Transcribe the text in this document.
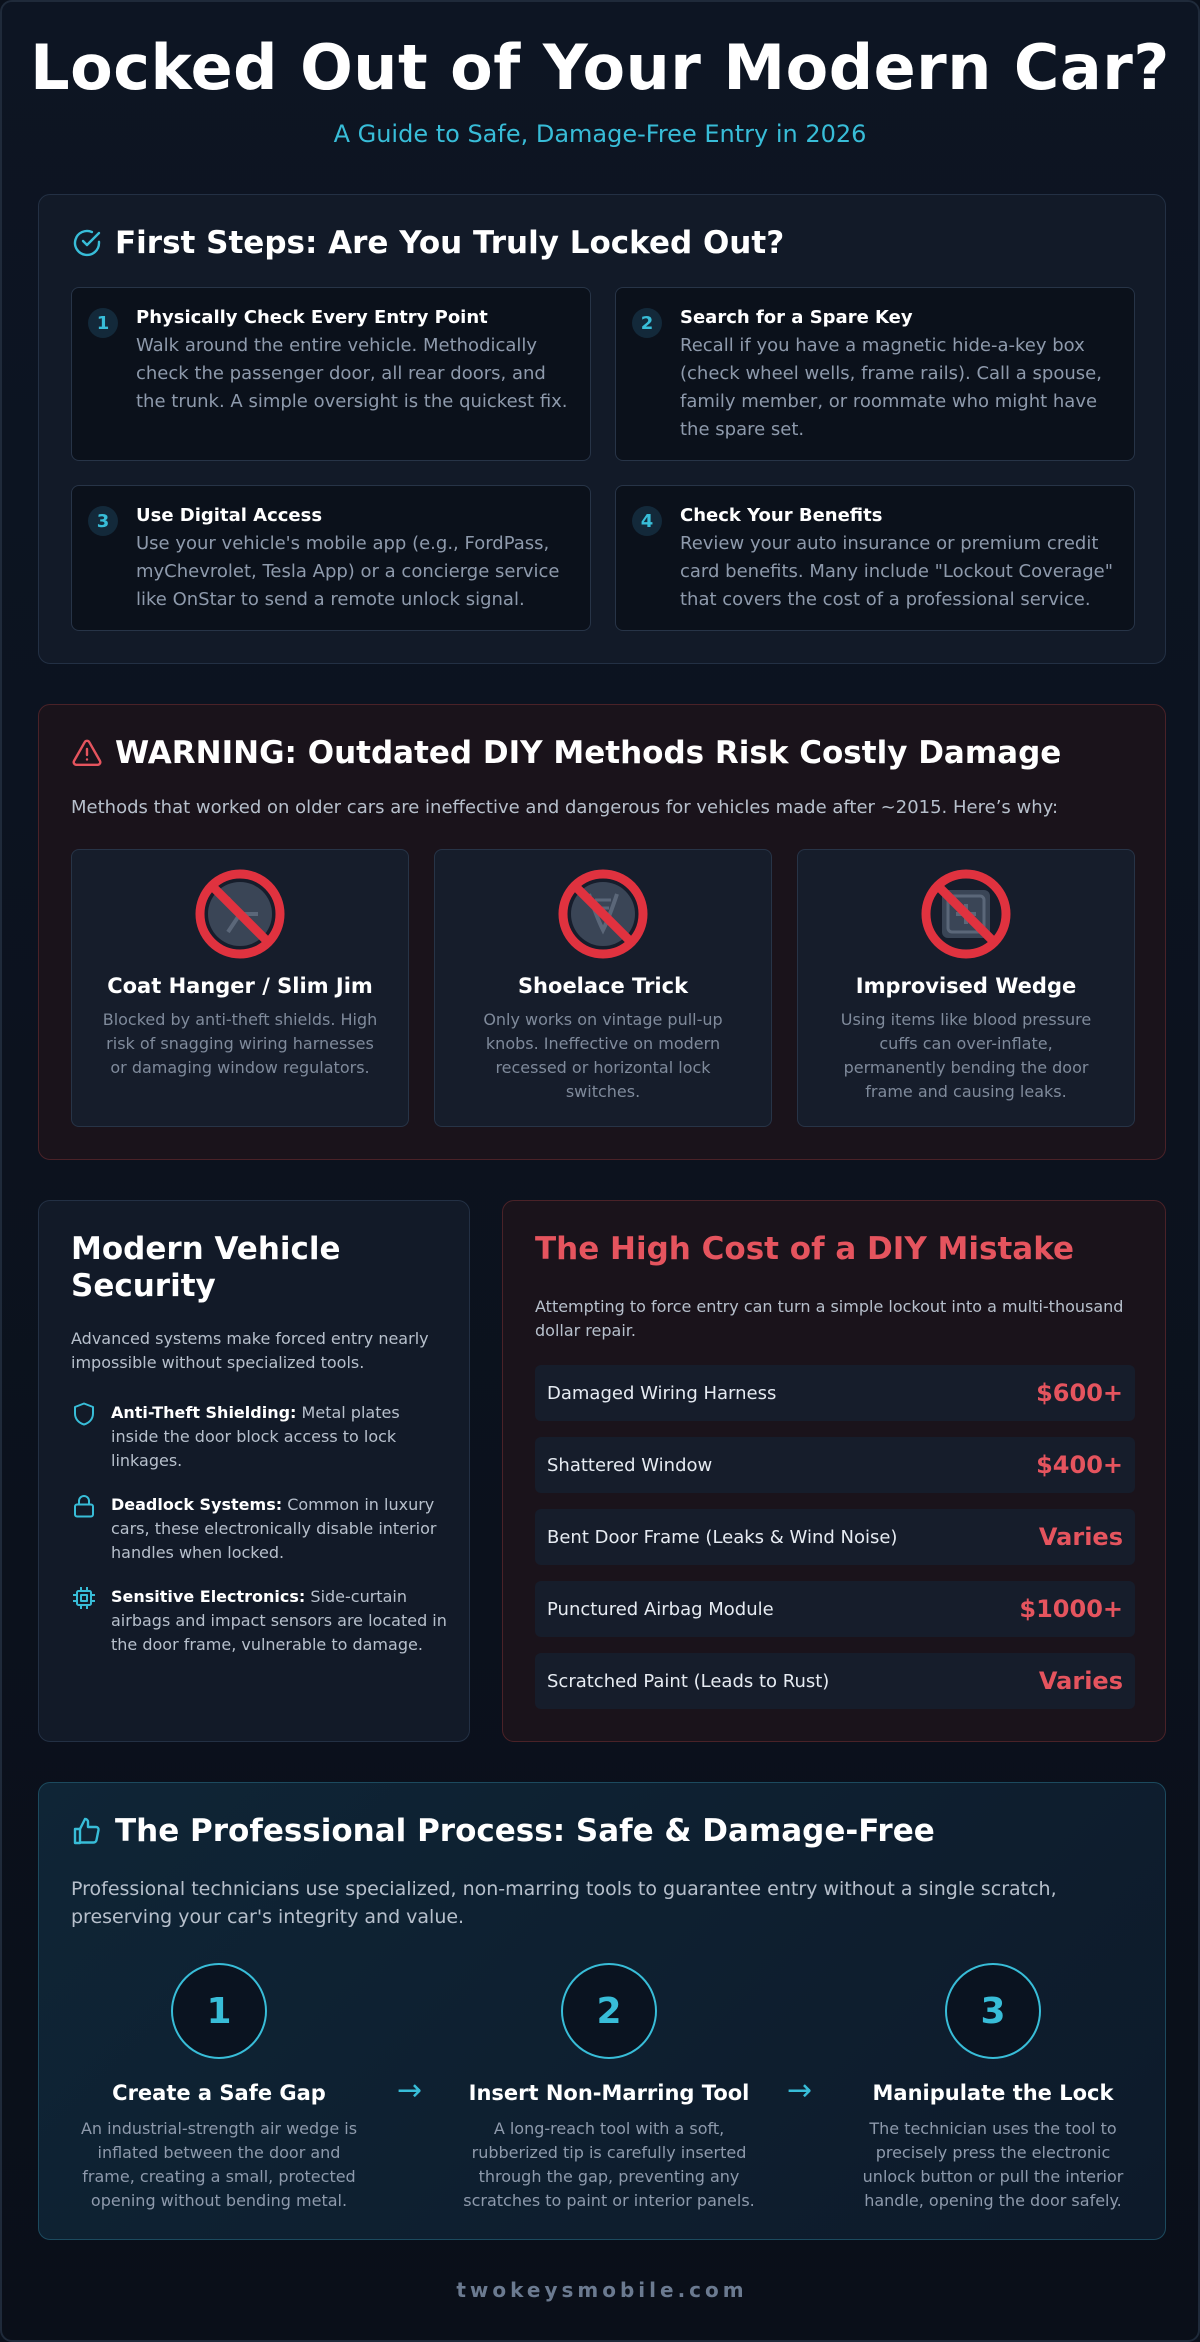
Locked Out of Your Modern Car?
A Guide to Safe, Damage-Free Entry in 2026
First Steps: Are You Truly Locked Out?
1	Physically Check Every Entry Point
Walk around the entire vehicle. Methodically check the passenger door, all rear doors, and the trunk. A simple oversight is the quickest fix.
2	Search for a Spare Key
Recall if you have a magnetic hide-a-key box (check wheel wells, frame rails). Call a spouse, family member, or roommate who might have the spare set.
3	Use Digital Access
Use your vehicle's mobile app (e.g., FordPass, myChevrolet, Tesla App) or a concierge service like OnStar to send a remote unlock signal.
4	Check Your Benefits
Review your auto insurance or premium credit card benefits. Many include "Lockout Coverage" that covers the cost of a professional service.
WARNING: Outdated DIY Methods Risk Costly Damage
Methods that worked on older cars are ineffective and dangerous for vehicles made after ~2015. Here’s why:
Coat Hanger / Slim Jim
Blocked by anti-theft shields. High risk of snagging wiring harnesses or damaging window regulators.
Shoelace Trick
Only works on vintage pull-up knobs. Ineffective on modern recessed or horizontal lock switches.
Improvised Wedge
Using items like blood pressure cuffs can over-inflate, permanently bending the door frame and causing leaks.
Modern Vehicle Security
Advanced systems make forced entry nearly impossible without specialized tools.

Anti-Theft Shielding: Metal plates inside the door block access to lock linkages.

Deadlock Systems: Common in luxury cars, these electronically disable interior handles when locked.

Sensitive Electronics: Side-curtain airbags and impact sensors are located in the door frame, vulnerable to damage.

The High Cost of a DIY Mistake
Attempting to force entry can turn a simple lockout into a multi-thousand dollar repair.
Damaged Wiring Harness	$600+
Shattered Window	$400+
Bent Door Frame (Leaks & Wind Noise)	Varies
Punctured Airbag Module	$1000+
Scratched Paint (Leads to Rust)	Varies
The Professional Process: Safe & Damage-Free
Professional technicians use specialized, non-marring tools to guarantee entry without a single scratch, preserving your car's integrity and value.
1
Create a Safe Gap
An industrial-strength air wedge is inflated between the door and frame, creating a small, protected opening without bending metal.
→
2
Insert Non-Marring Tool
A long-reach tool with a soft, rubberized tip is carefully inserted through the gap, preventing any scratches to paint or interior panels.
→
3
Manipulate the Lock
The technician uses the tool to precisely press the electronic unlock button or pull the interior handle, opening the door safely.
twokeysmobile.com
